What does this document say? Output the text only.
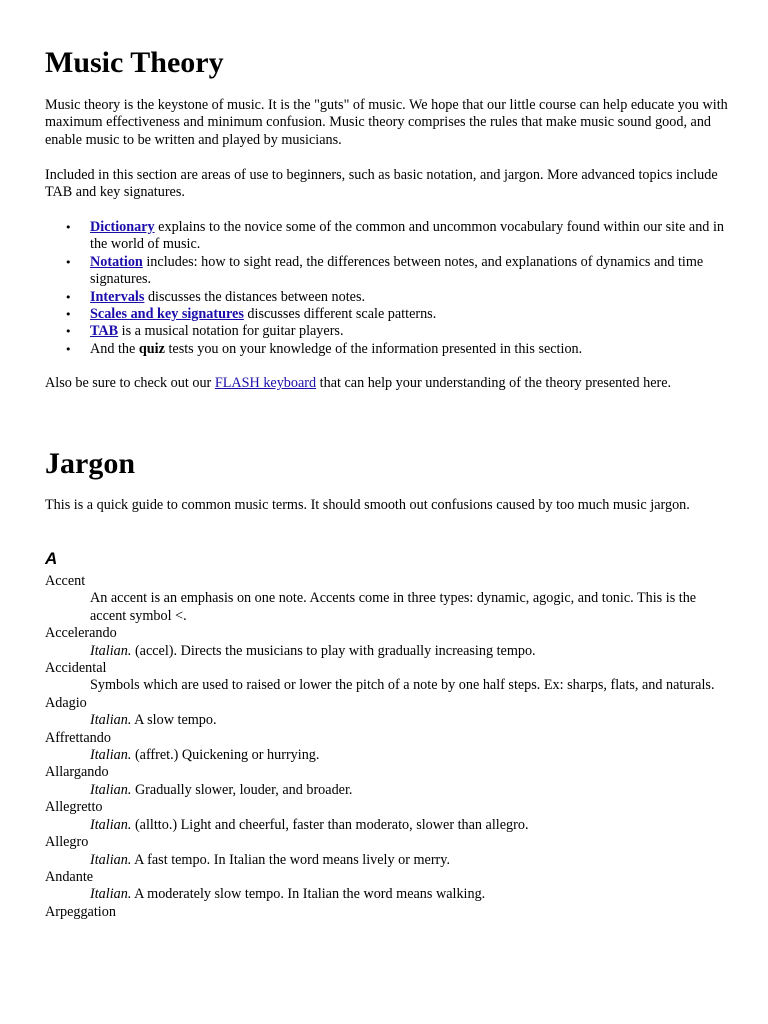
Music Theory

Music theory is the keystone of music. It is the "guts" of music. We hope that our little course can help educate you with maximum effectiveness and minimum confusion. Music theory comprises the rules that make music sound good, and enable music to be written and played by musicians.

Included in this section are areas of use to beginners, such as basic notation, and jargon. More advanced topics include TAB and key signatures.

• Dictionary explains to the novice some of the common and uncommon vocabulary found within our site and in the world of music.
• Notation includes: how to sight read, the differences between notes, and explanations of dynamics and time signatures.
• Intervals discusses the distances between notes.
• Scales and key signatures discusses different scale patterns.
• TAB is a musical notation for guitar players.
• And the quiz tests you on your knowledge of the information presented in this section.

Also be sure to check out our FLASH keyboard that can help your understanding of the theory presented here.

Jargon

This is a quick guide to common music terms. It should smooth out confusions caused by too much music jargon.

A
Accent
An accent is an emphasis on one note. Accents come in three types: dynamic, agogic, and tonic. This is the accent symbol <.
Accelerando
Italian. (accel). Directs the musicians to play with gradually increasing tempo.
Accidental
Symbols which are used to raised or lower the pitch of a note by one half steps. Ex: sharps, flats, and naturals.
Adagio
Italian. A slow tempo.
Affrettando
Italian. (affret.) Quickening or hurrying.
Allargando
Italian. Gradually slower, louder, and broader.
Allegretto
Italian. (alltto.) Light and cheerful, faster than moderato, slower than allegro.
Allegro
Italian. A fast tempo. In Italian the word means lively or merry.
Andante
Italian. A moderately slow tempo. In Italian the word means walking.
Arpeggation
